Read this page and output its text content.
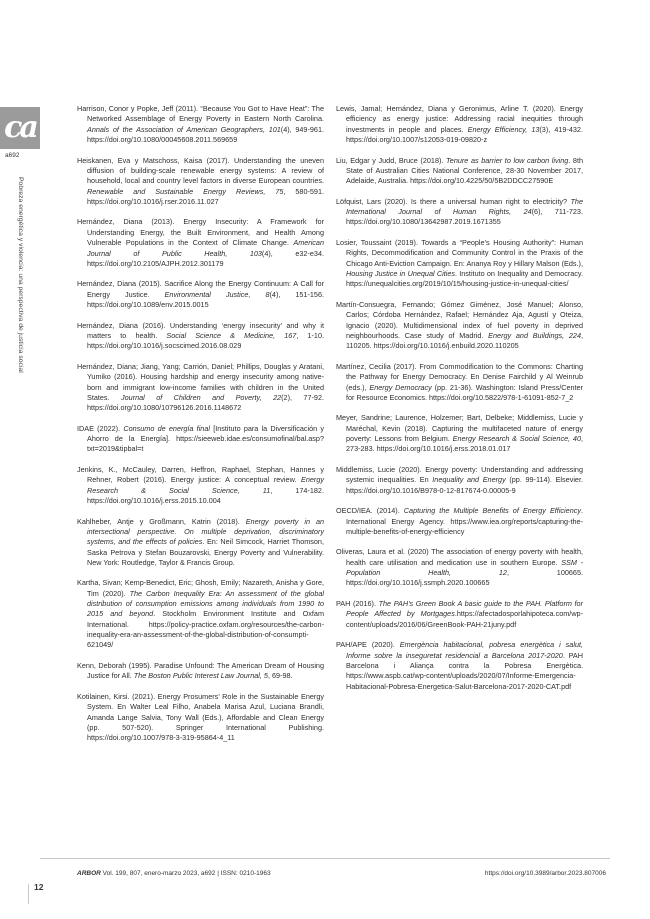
ca
a692
Pobreza energética y violencia: una perspectiva de justicia social

Harrison, Conor y Popke, Jeff (2011). “Because You Got to Have Heat”: The Networked Assemblage of Energy Poverty in Eastern North Carolina. Annals of the Association of American Geographers, 101(4), 949-961. https://doi.org/10.1080/00045608.2011.569659

Heiskanen, Eva y Matschoss, Kaisa (2017). Understanding the uneven diffusion of building-scale renewable energy systems: A review of household, local and country level factors in diverse European countries. Renewable and Sustainable Energy Reviews, 75, 580-591. https://doi.org/10.1016/j.rser.2016.11.027

Hernández, Diana (2013). Energy Insecurity: A Framework for Understanding Energy, the Built Environment, and Health Among Vulnerable Populations in the Context of Climate Change. American Journal of Public Health, 103(4), e32-e34. https://doi.org/10.2105/AJPH.2012.301179

Hernández, Diana (2015). Sacrifice Along the Energy Continuum: A Call for Energy Justice. Environmental Justice, 8(4), 151-156. https://doi.org/10.1089/env.2015.0015

Hernández, Diana (2016). Understanding ‘energy insecurity’ and why it matters to health. Social Science & Medicine, 167, 1-10. https://doi.org/10.1016/j.socscimed.2016.08.029

Hernández, Diana; Jiang, Yang; Carrión, Daniel; Phillips, Douglas y Aratani, Yumiko (2016). Housing hardship and energy insecurity among native-born and immigrant low-income families with children in the United States. Journal of Children and Poverty, 22(2), 77-92. https://doi.org/10.1080/10796126.2016.1148672

IDAE (2022). Consumo de energía final [Instituto para la Diversificación y Ahorro de la Energía]. https://sieeweb.idae.es/consumofinal/bal.asp?txt=2019&tipbal=t

Jenkins, K., McCauley, Darren, Heffron, Raphael, Stephan, Hannes y Rehner, Robert (2016). Energy justice: A conceptual review. Energy Research & Social Science, 11, 174-182. https://doi.org/10.1016/j.erss.2015.10.004

Kahlheber, Antje y Großmann, Katrin (2018). Energy poverty in an intersectional perspective. On multiple deprivation, discriminatory systems, and the effects of policies. En: Neil Simcock, Harriet Thomson, Saska Petrova y Stefan Bouzarovski, Energy Poverty and Vulnerability. New York: Routledge, Taylor & Francis Group.

Kartha, Sivan; Kemp-Benedict, Eric; Ghosh, Emily; Nazareth, Anisha y Gore, Tim (2020). The Carbon Inequality Era: An assessment of the global distribution of consumption emissions among individuals from 1990 to 2015 and beyond. Stockholm Environment Institute and Oxfam International. https://policy-practice.oxfam.org/resources/the-carbon-inequality-era-an-assessment-of-the-global-distribution-of-consumpti-621049/

Kenn, Deborah (1995). Paradise Unfound: The American Dream of Housing Justice for All. The Boston Public Interest Law Journal, 5, 69-98.

Kotilainen, Kirsi. (2021). Energy Prosumers’ Role in the Sustainable Energy System. En Walter Leal Filho, Anabela Marisa Azul, Luciana Brandli, Amanda Lange Salvia, Tony Wall (Eds.), Affordable and Clean Energy (pp. 507-520). Springer International Publishing. https://doi.org/10.1007/978-3-319-95864-4_11

Lewis, Jamal; Hernández, Diana y Geronimus, Arline T. (2020). Energy efficiency as energy justice: Addressing racial inequities through investments in people and places. Energy Efficiency, 13(3), 419-432. https://doi.org/10.1007/s12053-019-09820-z

Liu, Edgar y Judd, Bruce (2018). Tenure as barrier to low carbon living. 8th State of Australian Cities National Conference, 28-30 November 2017, Adelaide, Australia. https://doi.org/10.4225/50/5B2DDCC27590E

Löfquist, Lars (2020). Is there a universal human right to electricity? The International Journal of Human Rights, 24(6), 711-723. https://doi.org/10.1080/13642987.2019.1671355

Losier, Toussaint (2019). Towards a “People’s Housing Authority”: Human Rights, Decommodification and Community Control in the Praxis of the Chicago Anti-Eviction Campaign. En: Ananya Roy y Hillary Malson (Eds.), Housing Justice in Unequal Cities. Instituto on Inequality and Democracy. https://unequalcities.org/2019/10/15/housing-justice-in-unequal-cities/

Martín-Consuegra, Fernando; Gómez Giménez, José Manuel; Alonso, Carlos; Córdoba Hernández, Rafael; Hernández Aja, Agustí y Oteiza, Ignacio (2020). Multidimensional index of fuel poverty in deprived neighbourhoods. Case study of Madrid. Energy and Buildings, 224, 110205. https://doi.org/10.1016/j.enbuild.2020.110205

Martínez, Cecilia (2017). From Commodification to the Commons: Charting the Pathway for Energy Democracy. En Denise Fairchild y Al Weinrub (eds.), Energy Democracy (pp. 21-36). Washington: Island Press/Center for Resource Economics. https://doi.org/10.5822/978-1-61091-852-7_2

Meyer, Sandrine; Laurence, Holzemer; Bart, Delbeke; Middlemiss, Lucie y Maréchal, Kevin (2018). Capturing the multifaceted nature of energy poverty: Lessons from Belgium. Energy Research & Social Science, 40, 273-283. https://doi.org/10.1016/j.erss.2018.01.017

Middlemiss, Lucie (2020). Energy poverty: Understanding and addressing systemic inequalities. En Inequality and Energy (pp. 99-114). Elsevier. https://doi.org/10.1016/B978-0-12-817674-0.00005-9

OECD/IEA. (2014). Capturing the Multiple Benefits of Energy Efficiency. International Energy Agency. https://www.iea.org/reports/capturing-the-multiple-benefits-of-energy-efficiency

Oliveras, Laura et al. (2020) The association of energy poverty with health, health care utilisation and medication use in southern Europe. SSM - Population Health, 12, 100665. https://doi.org/10.1016/j.ssmph.2020.100665

PAH (2016). The PAH’s Green Book A basic guide to the PAH. Platform for People Affected by Mortgages.https://afectadosporlahipoteca.com/wp-content/uploads/2016/06/GreenBook-PAH-21juny.pdf

PAH/APE (2020). Emergència habitacional, pobresa energètica i salut, Informe sobre la inseguretat residencial a Barcelona 2017-2020. PAH Barcelona i Aliança contra la Pobresa Energètica. https://www.aspb.cat/wp-content/uploads/2020/07/Informe-Emergencia-Habitacional-Pobresa-Energetica-Salut-Barcelona-2017-2020-CAT.pdf

12
ARBOR Vol. 199, 807, enero-marzo 2023, a692 | ISSN: 0210-1963	https://doi.org/10.3989/arbor.2023.807006
